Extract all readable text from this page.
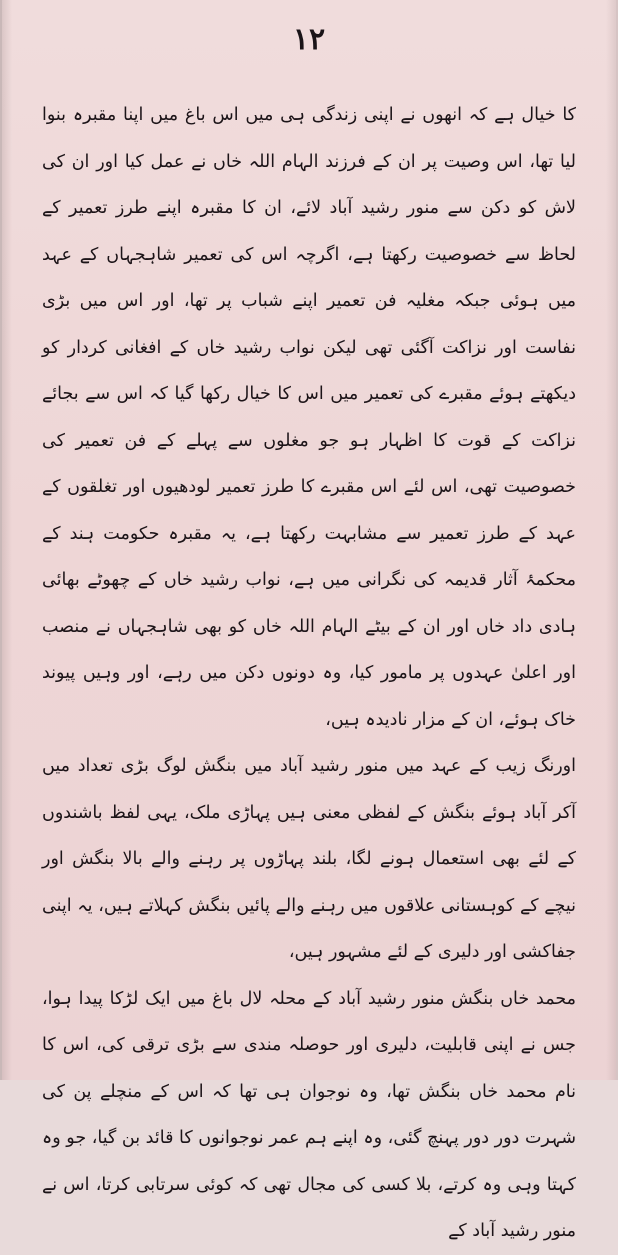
۱۲

کا خیال ہے کہ انھوں نے اپنی زندگی ہی میں اس باغ میں اپنا مقبرہ بنوا لیا تھا، اس وصیت پر ان کے فرزند الہام اللہ خاں نے عمل کیا اور ان کی لاش کو دکن سے منور رشید آباد لائے، ان کا مقبرہ اپنے طرز تعمیر کے لحاظ سے خصوصیت رکھتا ہے، اگرچہ اس کی تعمیر شاہجہاں کے عہد میں ہوئی جبکہ مغلیہ فن تعمیر اپنے شباب پر تھا، اور اس میں بڑی نفاست اور نزاکت آگئی تھی لیکن نواب رشید خاں کے افغانی کردار کو دیکھتے ہوئے مقبرے کی تعمیر میں اس کا خیال رکھا گیا کہ اس سے بجائے نزاکت کے قوت کا اظہار ہو جو مغلوں سے پہلے کے فن تعمیر کی خصوصیت تھی، اس لئے اس مقبرے کا طرز تعمیر لودھیوں اور تغلقوں کے عہد کے طرز تعمیر سے مشابہت رکھتا ہے، یہ مقبرہ حکومت ہند کے محکمۂ آثار قدیمہ کی نگرانی میں ہے، نواب رشید خاں کے چھوٹے بھائی ہادی داد خاں اور ان کے بیٹے الہام اللہ خاں کو بھی شاہجہاں نے منصب اور اعلیٰ عہدوں پر مامور کیا، وہ دونوں دکن میں رہے، اور وہیں پیوند خاک ہوئے، ان کے مزار نادیدہ ہیں،

اورنگ زیب کے عہد میں منور رشید آباد میں بنگش لوگ بڑی تعداد میں آکر آباد ہوئے بنگش کے لفظی معنی ہیں پہاڑی ملک، یہی لفظ باشندوں کے لئے بھی استعمال ہونے لگا، بلند پہاڑوں پر رہنے والے بالا بنگش اور نیچے کے کوہستانی علاقوں میں رہنے والے پائیں بنگش کہلاتے ہیں، یہ اپنی جفاکشی اور دلیری کے لئے مشہور ہیں،

محمد خاں بنگش منور رشید آباد کے محلہ لال باغ میں ایک لڑکا پیدا ہوا، جس نے اپنی قابلیت، دلیری اور حوصلہ مندی سے بڑی ترقی کی، اس کا نام محمد خاں بنگش تھا، وہ نوجوان ہی تھا کہ اس کے منچلے پن کی شہرت دور دور پہنچ گئی، وہ اپنے ہم عمر نوجوانوں کا قائد بن گیا، جو وہ کہتا وہی وہ کرتے، بلا کسی کی مجال تھی کہ کوئی سرتابی کرتا، اس نے منور رشید آباد کے
